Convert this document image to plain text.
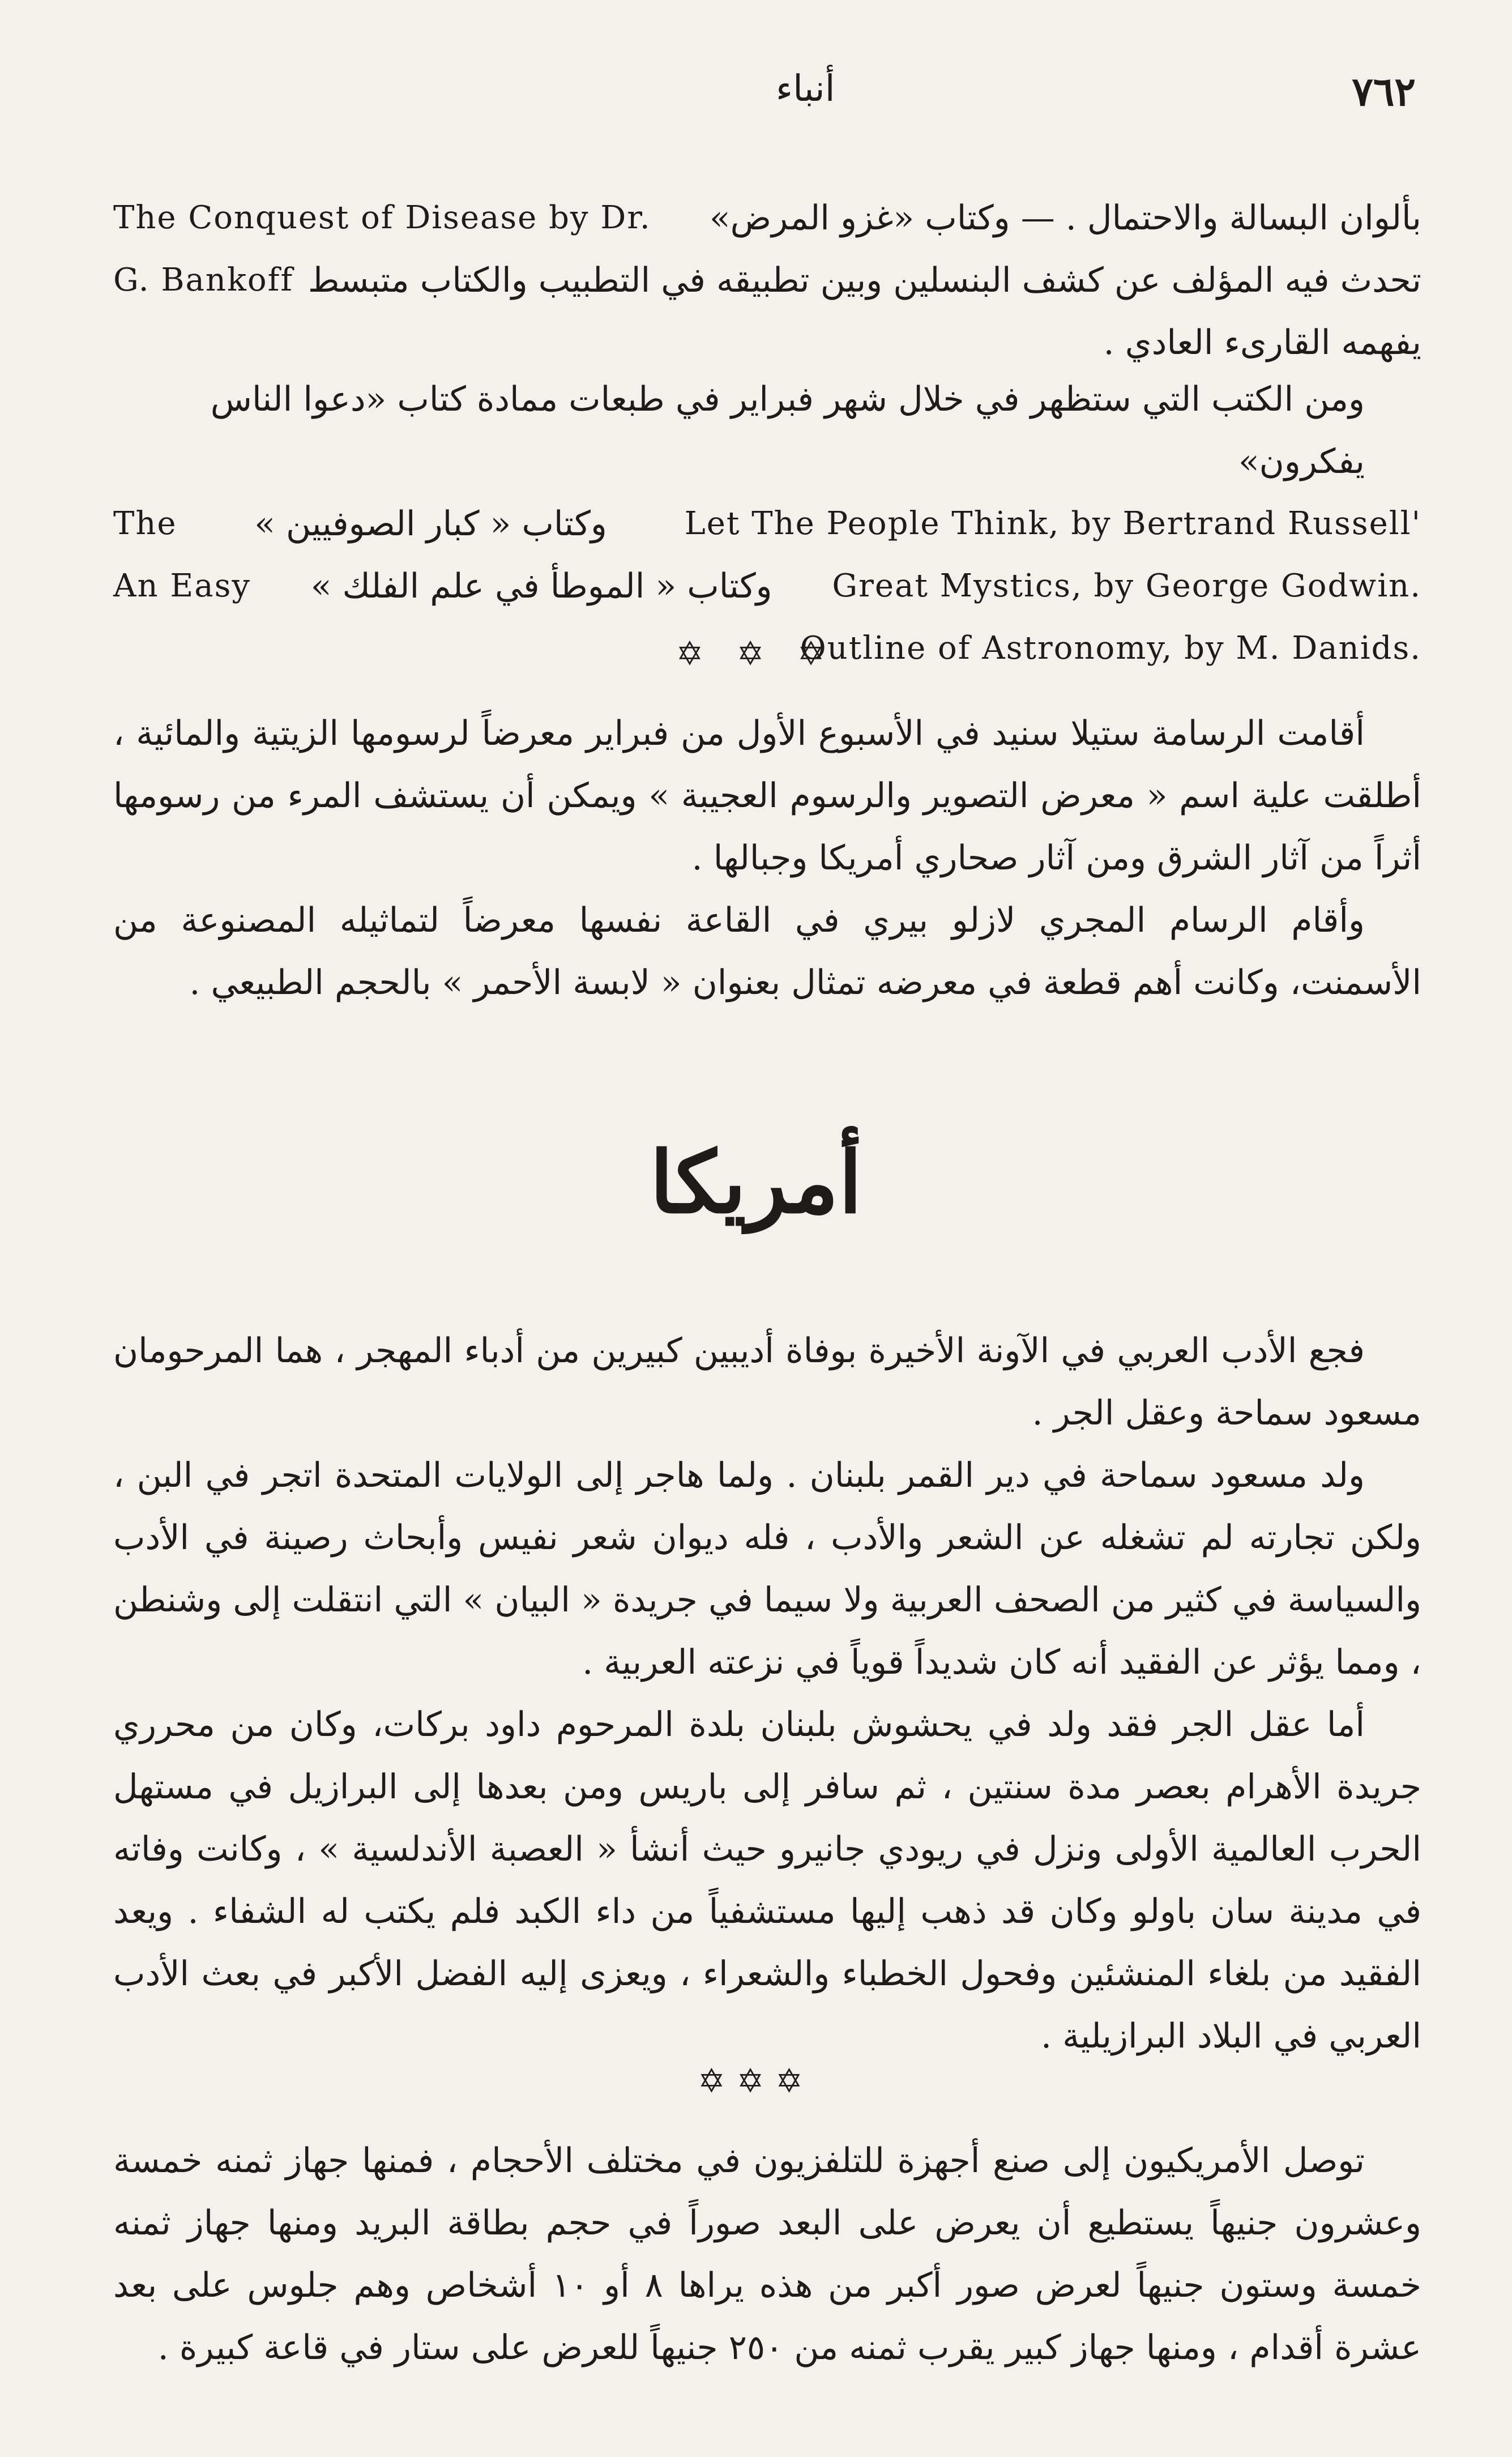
٧٦٢
أنباء
بألوان البسالة والاحتمال . — وكتاب «غزو المرض»
The Conquest of Disease by Dr.
تحدث فيه المؤلف عن كشف البنسلين وبين تطبيقه في التطبيب والكتاب متبسط
G. Bankoff
يفهمه القارىء العادي .
ومن الكتب التي ستظهر في خلال شهر فبراير في طبعات ممادة كتاب «دعوا الناس يفكرون»
Let The People Think, by Bertrand Russell'
وكتاب « كبار الصوفيين »
The
Great Mystics, by George Godwin.
وكتاب « الموطأ في علم الفلك »
An Easy
Outline of Astronomy, by M. Danids.
✡ ✡ ✡

أقامت الرسامة ستيلا سنيد في الأسبوع الأول من فبراير معرضاً لرسومها الزيتية والمائية ، أطلقت علية اسم « معرض التصوير والرسوم العجيبة » ويمكن أن يستشف المرء من رسومها أثراً من آثار الشرق ومن آثار صحاري أمريكا وجبالها .

وأقام الرسام المجري لازلو بيري في القاعة نفسها معرضاً لتماثيله المصنوعة من الأسمنت، وكانت أهم قطعة في معرضه تمثال بعنوان « لابسة الأحمر » بالحجم الطبيعي .

أمريكا

فجع الأدب العربي في الآونة الأخيرة بوفاة أديبين كبيرين من أدباء المهجر ، هما المرحومان مسعود سماحة وعقل الجر .

ولد مسعود سماحة في دير القمر بلبنان . ولما هاجر إلى الولايات المتحدة اتجر في البن ، ولكن تجارته لم تشغله عن الشعر والأدب ، فله ديوان شعر نفيس وأبحاث رصينة في الأدب والسياسة في كثير من الصحف العربية ولا سيما في جريدة « البيان » التي انتقلت إلى وشنطن ، ومما يؤثر عن الفقيد أنه كان شديداً قوياً في نزعته العربية .

أما عقل الجر فقد ولد في يحشوش بلبنان بلدة المرحوم داود بركات، وكان من محرري جريدة الأهرام بعصر مدة سنتين ، ثم سافر إلى باريس ومن بعدها إلى البرازيل في مستهل الحرب العالمية الأولى ونزل في ريودي جانيرو حيث أنشأ « العصبة الأندلسية » ، وكانت وفاته في مدينة سان باولو وكان قد ذهب إليها مستشفياً من داء الكبد فلم يكتب له الشفاء . ويعد الفقيد من بلغاء المنشئين وفحول الخطباء والشعراء ، ويعزى إليه الفضل الأكبر في بعث الأدب العربي في البلاد البرازيلية .

✡✡✡

توصل الأمريكيون إلى صنع أجهزة للتلفزيون في مختلف الأحجام ، فمنها جهاز ثمنه خمسة وعشرون جنيهاً يستطيع أن يعرض على البعد صوراً في حجم بطاقة البريد ومنها جهاز ثمنه خمسة وستون جنيهاً لعرض صور أكبر من هذه يراها ٨ أو ١٠ أشخاص وهم جلوس على بعد عشرة أقدام ، ومنها جهاز كبير يقرب ثمنه من ٢٥٠ جنيهاً للعرض على ستار في قاعة كبيرة .
